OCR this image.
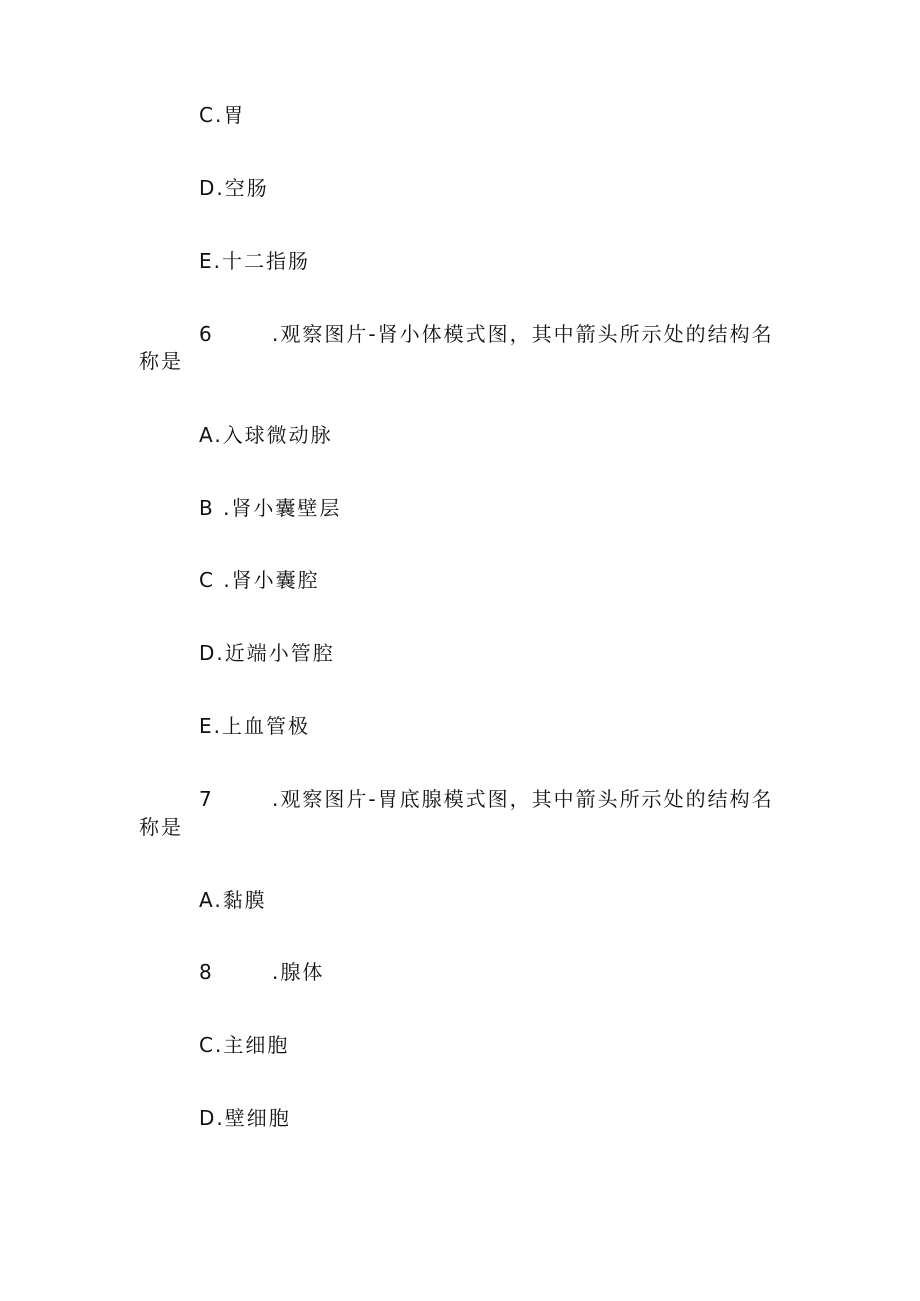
C.胃
D.空肠
E.十二指肠
6	.观察图片-肾小体模式图，其中箭头所示处的结构名
称是
A.入球微动脉
B .肾小囊壁层
C .肾小囊腔
D.近端小管腔
E.上血管极
7	.观察图片-胃底腺模式图，其中箭头所示处的结构名
称是
A.黏膜
8	.腺体
C.主细胞
D.壁细胞
